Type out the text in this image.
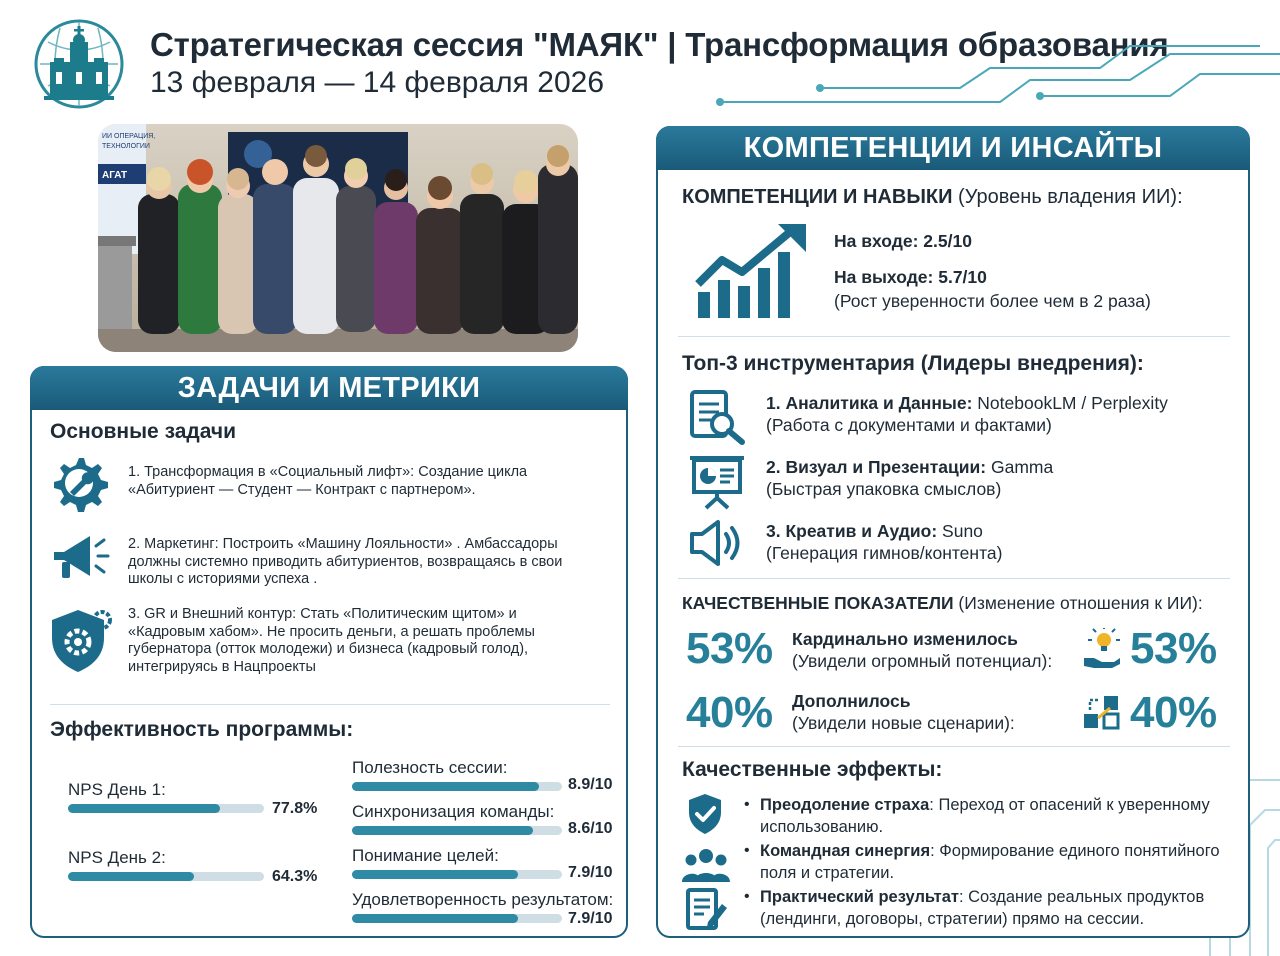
Стратегическая сессия "МАЯК" | Трансформация образования
13 февраля — 14 февраля 2026
ИИ ОПЕРАЦИЯ,
ТЕХНОЛОГИИ
АГАТ
ЗАДАЧИ И МЕТРИКИ
Основные задачи
1. Трансформация в «Социальный лифт»: Создание цикла «Абитуриент — Студент — Контракт с партнером».
2. Маркетинг: Построить «Машину Лояльности» . Амбассадоры должны системно приводить абитуриентов, возвращаясь в свои школы с историями успеха .
3. GR и Внешний контур: Стать «Политическим щитом» и «Кадровым хабом». Не просить деньги, а решать проблемы губернатора (отток молодежи) и бизнеса (кадровый голод), интегрируясь в Нацпроекты
Эффективность программы:
NPS День 1:
77.8%
NPS День 2:
64.3%
Полезность сессии:
8.9/10
Синхронизация команды:
8.6/10
Понимание целей:
7.9/10
Удовлетворенность результатом:
7.9/10
КОМПЕТЕНЦИИ И ИНСАЙТЫ
КОМПЕТЕНЦИИ И НАВЫКИ (Уровень владения ИИ):
На входе: 2.5/10
На выходе: 5.7/10
(Рост уверенности более чем в 2 раза)
Топ-3 инструментария (Лидеры внедрения):
1. Аналитика и Данные: NotebookLM / Perplexity
(Работа с документами и фактами)
2. Визуал и Презентации: Gamma
(Быстрая упаковка смыслов)
3. Креатив и Аудио: Suno
(Генерация гимнов/контента)
КАЧЕСТВЕННЫЕ ПОКАЗАТЕЛИ (Изменение отношения к ИИ):
53% Кардинально изменилось
(Увидели огромный потенциал): 53%
40% Дополнилось
(Увидели новые сценарии):	40%
Качественные эффекты:
• Преодоление страха: Переход от опасений к уверенному использованию.
• Командная синергия: Формирование единого понятийного поля и стратегии.
• Практический результат: Создание реальных продуктов (лендинги, договоры, стратегии) прямо на сессии.
